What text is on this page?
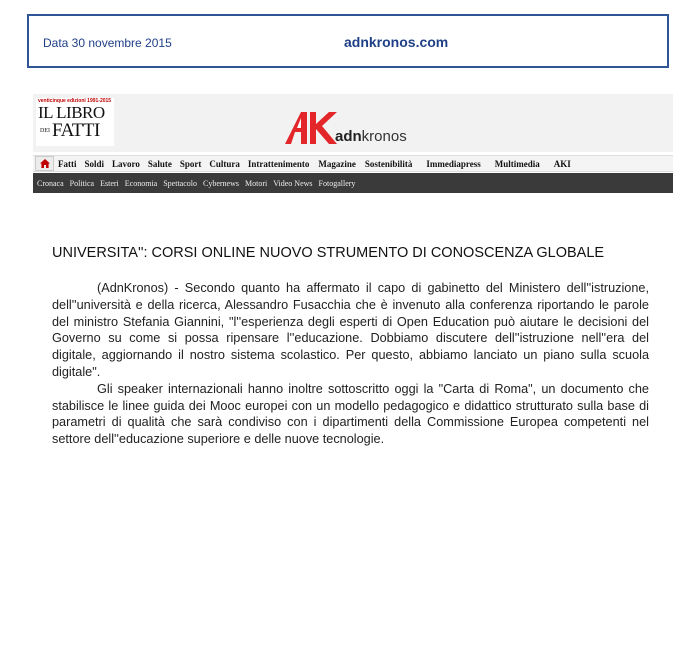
Data 30 novembre 2015	adnkronos.com
venticinque edizioni 1991-2015
IL LIBRO
DEI FATTI	adnkronos
Fatti Soldi Lavoro Salute Sport Cultura Intrattenimento Magazine Sostenibilità Immediapress Multimedia AKI
Cronaca Politica Esteri Economia Spettacolo Cybernews Motori Video News Fotogallery
UNIVERSITA'': CORSI ONLINE NUOVO STRUMENTO DI CONOSCENZA GLOBALE

(AdnKronos) - Secondo quanto ha affermato il capo di gabinetto del Ministero dell''istruzione, dell''università e della ricerca, Alessandro Fusacchia che è invenuto alla conferenza riportando le parole del ministro Stefania Giannini, "l''esperienza degli esperti di Open Education può aiutare le decisioni del Governo su come si possa ripensare l''educazione. Dobbiamo discutere dell''istruzione nell''era del digitale, aggiornando il nostro sistema scolastico. Per questo, abbiamo lanciato un piano sulla scuola digitale".

Gli speaker internazionali hanno inoltre sottoscritto oggi la "Carta di Roma", un documento che stabilisce le linee guida dei Mooc europei con un modello pedagogico e didattico strutturato sulla base di parametri di qualità che sarà condiviso con i dipartimenti della Commissione Europea competenti nel settore dell''educazione superiore e delle nuove tecnologie.
